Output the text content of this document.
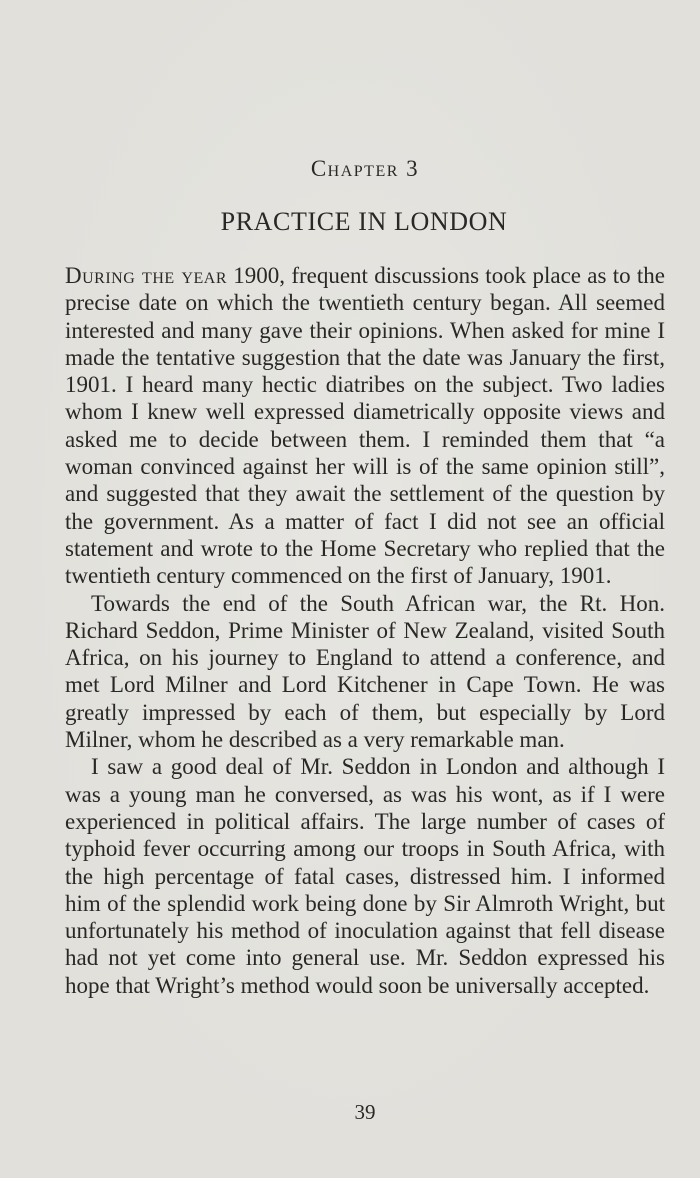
Chapter 3
PRACTICE IN LONDON

During the year 1900, frequent discussions took place as to the precise date on which the twentieth century began. All seemed interested and many gave their opinions. When asked for mine I made the tentative suggestion that the date was January the first, 1901. I heard many hectic diatribes on the subject. Two ladies whom I knew well expressed diametrically opposite views and asked me to decide between them. I reminded them that “a woman convinced against her will is of the same opinion still”, and suggested that they await the settlement of the question by the government. As a matter of fact I did not see an official statement and wrote to the Home Secretary who replied that the twentieth century commenced on the first of January, 1901.

Towards the end of the South African war, the Rt. Hon. Richard Seddon, Prime Minister of New Zealand, visited South Africa, on his journey to England to attend a conference, and met Lord Milner and Lord Kitchener in Cape Town. He was greatly impressed by each of them, but especially by Lord Milner, whom he described as a very remarkable man.

I saw a good deal of Mr. Seddon in London and although I was a young man he conversed, as was his wont, as if I were experienced in political affairs. The large number of cases of typhoid fever occurring among our troops in South Africa, with the high percentage of fatal cases, distressed him. I informed him of the splendid work being done by Sir Almroth Wright, but unfortunately his method of inoculation against that fell disease had not yet come into general use. Mr. Seddon expressed his hope that Wright’s method would soon be universally accepted.

39
